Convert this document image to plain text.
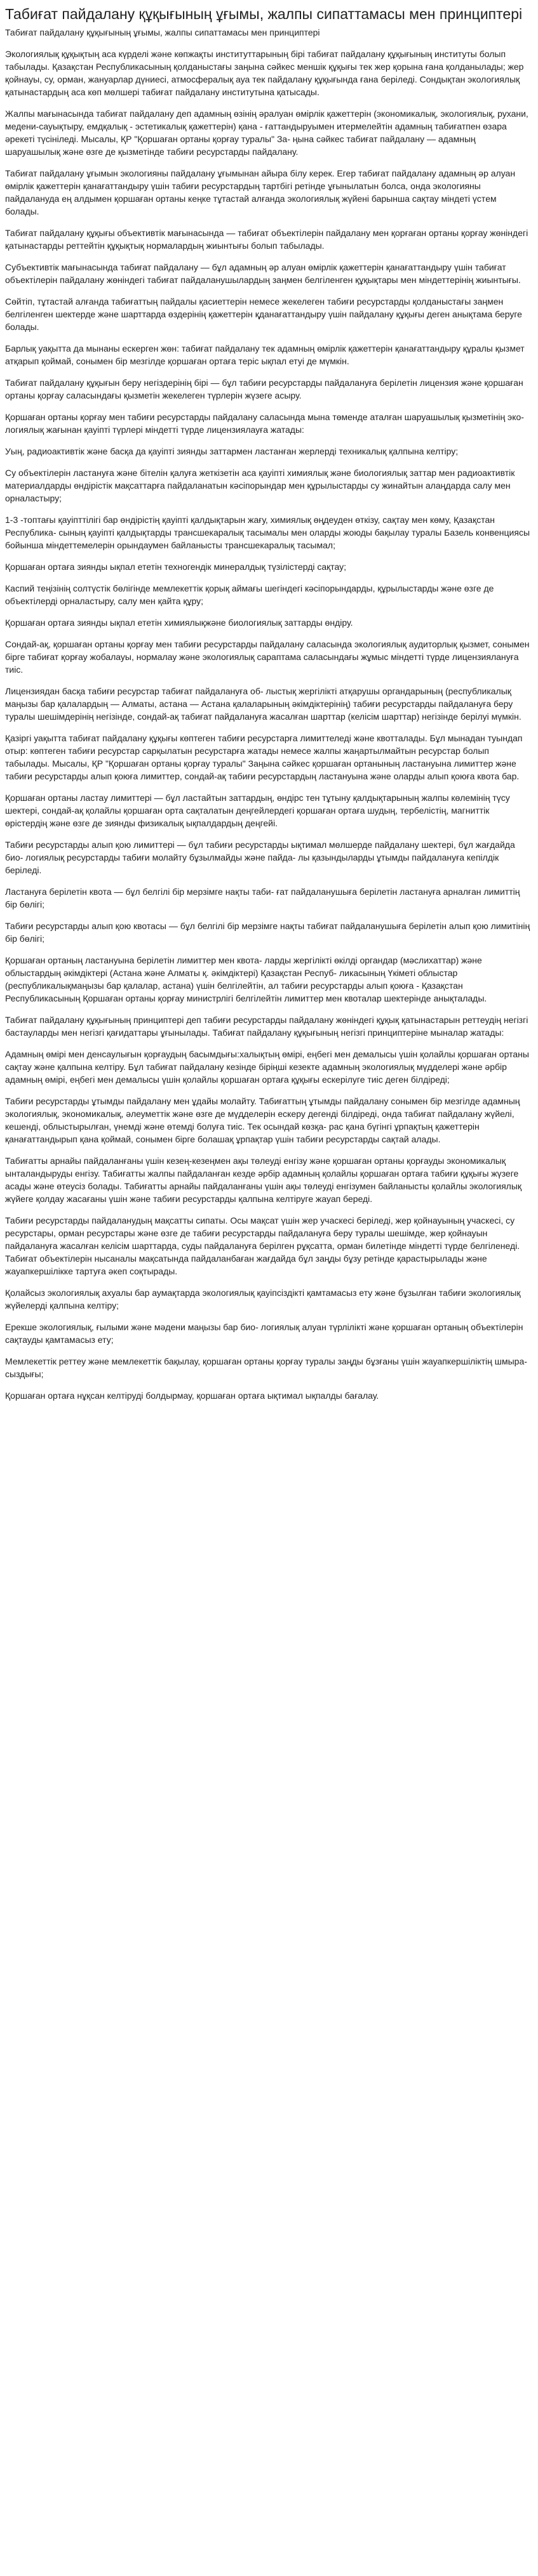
Табиғат пайдалану құқығының ұғымы, жалпы сипаттамасы мен принциптері
Табиғат пайдалану құқығының ұғымы, жалпы сипаттамасы мен принциптері

Экологиялық құқықтың аса күрделі және көпжақты институттарының бірі табиғат пайдалану құқығының институты болып табылады. Қазақстан Республикасының қолданыстағы заңына сәйкес меншік құқығы тек жер қорына ғана қолданылады; жер қойнауы, су, орман, жануарлар дүниесі, атмосфералық ауа тек пайдалану құқығында ғана беріледі. Сондықтан экологиялық қатынастардың аса көп мөлшері табиғат пайдалану институтына қатысады.

Жалпы мағынасында табиғат пайдалану деп адамның өзінің әралуан өмірлік қажеттерін (экономикалық, экологиялық, рухани, медени-сауықтыру, емдқалық - эстетикалық қажеттерін) қана - ғаттандыруымен итермелейтін адамның табиғатпен өзара әрекеті түсініледі. Мысалы, ҚР "Қоршаған ортаны қорғау туралы" За- ңына сәйкес табиғат пайдалану — адамның шаруашылық және өзге де қызметінде табиғи ресурстарды пайдалану.

Табиғат пайдалану ұғымын экологияны пайдалану ұғымынан айыра білу керек. Егер табиғат пайдалану адамның әр алуан өмірлік қажеттерін қанағаттандыру үшін табиғи ресурстардың тартбігі ретінде ұғынылатын болса, онда экологияны пайдалануда ең алдымен қоршаған ортаны кеңке тұтастай алғанда экологиялық жүйені барынша сақтау міндеті үстем болады.

Табиғат пайдалану құқығы объективтік мағынасында — табиғат объектілерін пайдалану мен қорғаған ортаны қорғау жөніндегі қатынастарды реттейтін құқықтық нормалардың жиынтығы болып табылады.

Субъективтік мағынасында табиғат пайдалану — бұл адамның әр алуан өмірлік қажеттерін қанағаттандыру үшін табиғат объектілерін пайдалану жөніндегі табиғат пайдаланушылардың заңмен белгіленген құқықтары мен міндеттерінің жиынтығы.

Сөйтіп, тұтастай алғанда табиғаттың пайдалы қасиеттерін немесе жекелеген табиғи ресурстарды қолданыстағы заңмен белгіленген шектерде және шарттарда өздерінің қажеттерін қданағаттандыру үшін пайдалану құқығы деген анықтама беруге болады.

Барлық уақытта да мынаны ескерген жөн: табиғат пайдалану тек адамның өмірлік қажеттерін қанағаттандыру құралы қызмет атқарып қоймай, сонымен бір мезгілде қоршаған ортаға теріс ықпал етуі де мүмкін.

Табиғат пайдалану құқығын беру негіздерінің бірі — бұл табиғи ресурстарды пайдалануға берілетін лицензия және қоршаған ортаны қорғау саласындағы қызметін жекелеген түрлерін жүзеге асыру.

Қоршаған ортаны қорғау мен табиғи ресурстарды пайдалану саласында мына төменде аталған шаруашылық қызметінің эко- логиялық жағынан қауіпті түрлері міндетті түрде лицензиялауға жатады:

Уың, радиоактивтік және басқа да қауіпті зиянды заттармен ластанған жерлерді техникалық қалпына келтіру;

Су объектілерін ластануға және бітелін қалуға жеткізетін аса қауіпті химиялық және биологиялық заттар мен радиоактивтік материалдарды өндірістік мақсаттарға пайдаланатын кәсіпорындар мен құрылыстарды су жинайтын алаңдарда салу мен орналастыру;

1-3 -топтағы қауіпттілігі бар өндірістің қауіпті қалдықтарын жағу, химиялық өңдеуден өткізу, сақтау мен көму, Қазақстан Республика- сының қауіпті қалдықтарды трансшекаралық тасымалы мен оларды жоюды бақылау туралы Базель конвенциясы бойынша міндеттемелерін орындаумен байланысты трансшекаралық тасымал;

Қоршаған ортаға зиянды ықпал ететін техногендік минералдық түзілістерді сақтау;

Каспий теңізінің солтүстік бөлігінде мемлекеттік қорық аймағы шегіндегі кәсіпорындарды, құрылыстарды және өзге де объектілерді орналастыру, салу мен қайта құру;

Қоршаған ортаға зиянды ықпал ететін химиялықжәне биологиялық заттарды өндіру.

Сондай-ақ, қоршаған ортаны қорғау мен табиғи ресурстарды пайдалану саласында экологиялық аудиторлық қызмет, сонымен бірге табиғат қорғау жобалауы, нормалау және экологиялық сараптама саласындағы жұмыс міндетті түрде лицензиялануға тиіс.

Лицензиядан басқа табиғи ресурстар табиғат пайдалануға об- лыстық жергілікті атқарушы органдарының (республикалық маңызы бар қалалардың — Алматы, астана — Астана қалаларының әкімдіктерінің) табиғи ресурстарды пайдалануға беру туралы шешімдерінің негізінде, сондай-ақ табиғат пайдалануға жасалған шарттар (келісім шарттар) негізінде берілуі мүмкін.

Қазіргі уақытта табиғат пайдалану құқығы көптеген табиғи ресурстарға лимиттеледі және квотталады. Бұл мынадан туындап отыр: көптеген табиғи ресурстар сарқылатын ресурстарға жатады немесе жалпы жаңартылмайтын ресурстар болып табылады. Мысалы, ҚР "Қоршаған ортаны қорғау туралы" Заңына сәйкес қоршаған ортанының ластануына лимиттер және табиғи ресурстарды алып қоюға лимиттер, сондай-ақ табиғи ресурстардың ластануына және оларды алып қоюға квота бар.

Қоршаған ортаны ластау лимиттері — бұл ластайтын заттардың, өндірс тен тұтыну қалдықтарының жалпы көлемінің түсу шектері, сондай-ақ қолайлы қоршаған орта сақталатын деңгейлердегі қоршаған ортаға шудың, тербелістің, магниттік өрістердің және өзге де зиянды физикалық ықпалдардың деңгейі.

Табиғи ресурстарды алып қою лимиттері — бұл табиғи ресурстарды ықтимал мөлшерде пайдалану шектері, бұл жағдайда био- логиялық ресурстарды табиғи молайту бұзылмайды және пайда- лы қазындыларды ұтымды пайдалануға кепілдік беріледі.

Ластануға берілетін квота — бұл белгілі бір мерзімге нақты таби- ғат пайдаланушыға берілетін ластануға арналған лимиттің бір бөлігі;

Табиғи ресурстарды алып қою квотасы — бұл белгілі бір мерзімге нақты табиғат пайдаланушыға берілетін алып қою лимитінің бір бөлігі;

Қоршаған ортаның ластануына берілетін лимиттер мен квота- ларды жергілікті өкілді органдар (мәслихаттар) және облыстардың әкімдіктері (Астана және Алматы қ. әкімдіктері) Қазақстан Респуб- ликасының Үкіметі облыстар (республикалықмаңызы бар қалалар, астана) үшін белгілейтін, ал табиғи ресурстарды алып қоюға - Қазақстан Республикасының Қоршаған ортаны қорғау министрлігі белгілейтін лимиттер мен квоталар шектерінде анықталады.

Табиғат пайдалану құқығының принциптері деп табиғи ресурстарды пайдалану жөніндегі құқық қатынастарын реттеудің негізгі бастауларды мен негізгі қағидаттары ұғынылады. Табиғат пайдалану құқығының негізгі принциптеріне мыналар жатады:

Адамның өмірі мен денсаулығын қорғаудың басымдығы:халықтың өмірі, еңбегі мен демалысы үшін қолайлы қоршаған ортаны сақтау және қалпына келтіру. Бұл табиғат пайдалану кезінде біріңші кезекте адамның экологиялық мүдделері және әрбір адамның өмірі, еңбегі мен демалысы үшін қолайлы қоршаған ортаға құқығы ескерілуге тиіс деген білдіреді;

Табиғи ресурстарды ұтымды пайдалану мен ұдайы молайту. Табиғаттың ұтымды пайдалану сонымен бір мезгілде адамның экологиялық, экономикалық, әлеуметтік және өзге де мүдделерін ескеру дегенді білдіреді, онда табиғат пайдалану жүйелі, кешенді, облыстырылған, үнемді және өтемді болуға тиіс. Тек осындай көзқа- рас қана бүгінгі ұрпақтың қажеттерін қанағаттандырып қана қоймай, сонымен бірге болашақ ұрпақтар үшін табиғи ресурстарды сақтай алады.

Табиғатты арнайы пайдаланғаны үшін кезең-кезеңмен ақы төлеуді енгізу және қоршаған ортаны қорғауды экономикалық ынталандыруды енгізу. Табиғатты жалпы пайдаланған кезде әрбір адамның қолайлы қоршаған ортаға табиғи құқығы жүзеге асады және өтеусіз болады. Табиғатты арнайы пайдаланғаны үшін ақы төлеуді енгізумен байланысты қолайлы экологиялық жүйеге қолдау жасағаны үшін және табиғи ресурстарды қалпына келтіруге жауап береді.

Табиғи ресурстарды пайдаланудың мақсатты сипаты. Осы мақсат үшін жер учаскесі беріледі, жер қойнауының учаскесі, су ресурстары, орман ресурстары және өзге де табиғи ресурстарды пайдалануға беру туралы шешімде, жер қойнауын пайдалануға жасалған келісім шарттарда, суды пайдалануға берілген рұқсатта, орман билетінде міндетті түрде белгіленеді. Табиғат объектілерін нысаналы мақсатында пайдаланбаған жағдайда бұл заңды бұзу ретінде қарастырылады және жауапкершілікке тартуға әкеп соқтырады.

Қолайсыз экологиялық ахуалы бар аумақтарда экологиялық қауіпсіздікті қамтамасыз ету және бұзылған табиғи экологиялық жүйелерді қалпына келтіру;

Ерекше экологиялық, ғылыми және мәдени маңызы бар био- логиялық алуан түрлілікті және қоршаған ортаның объектілерін сақтауды қамтамасыз ету;

Мемлекеттік реттеу және мемлекеттік бақылау, қоршаған ортаны қорғау туралы заңды бұзғаны үшін жауапкершіліктің шмыра- сыздығы;

Қоршаған ортаға нұқсан келтіруді болдырмау, қоршаған ортаға ықтимал ықпалды бағалау.
